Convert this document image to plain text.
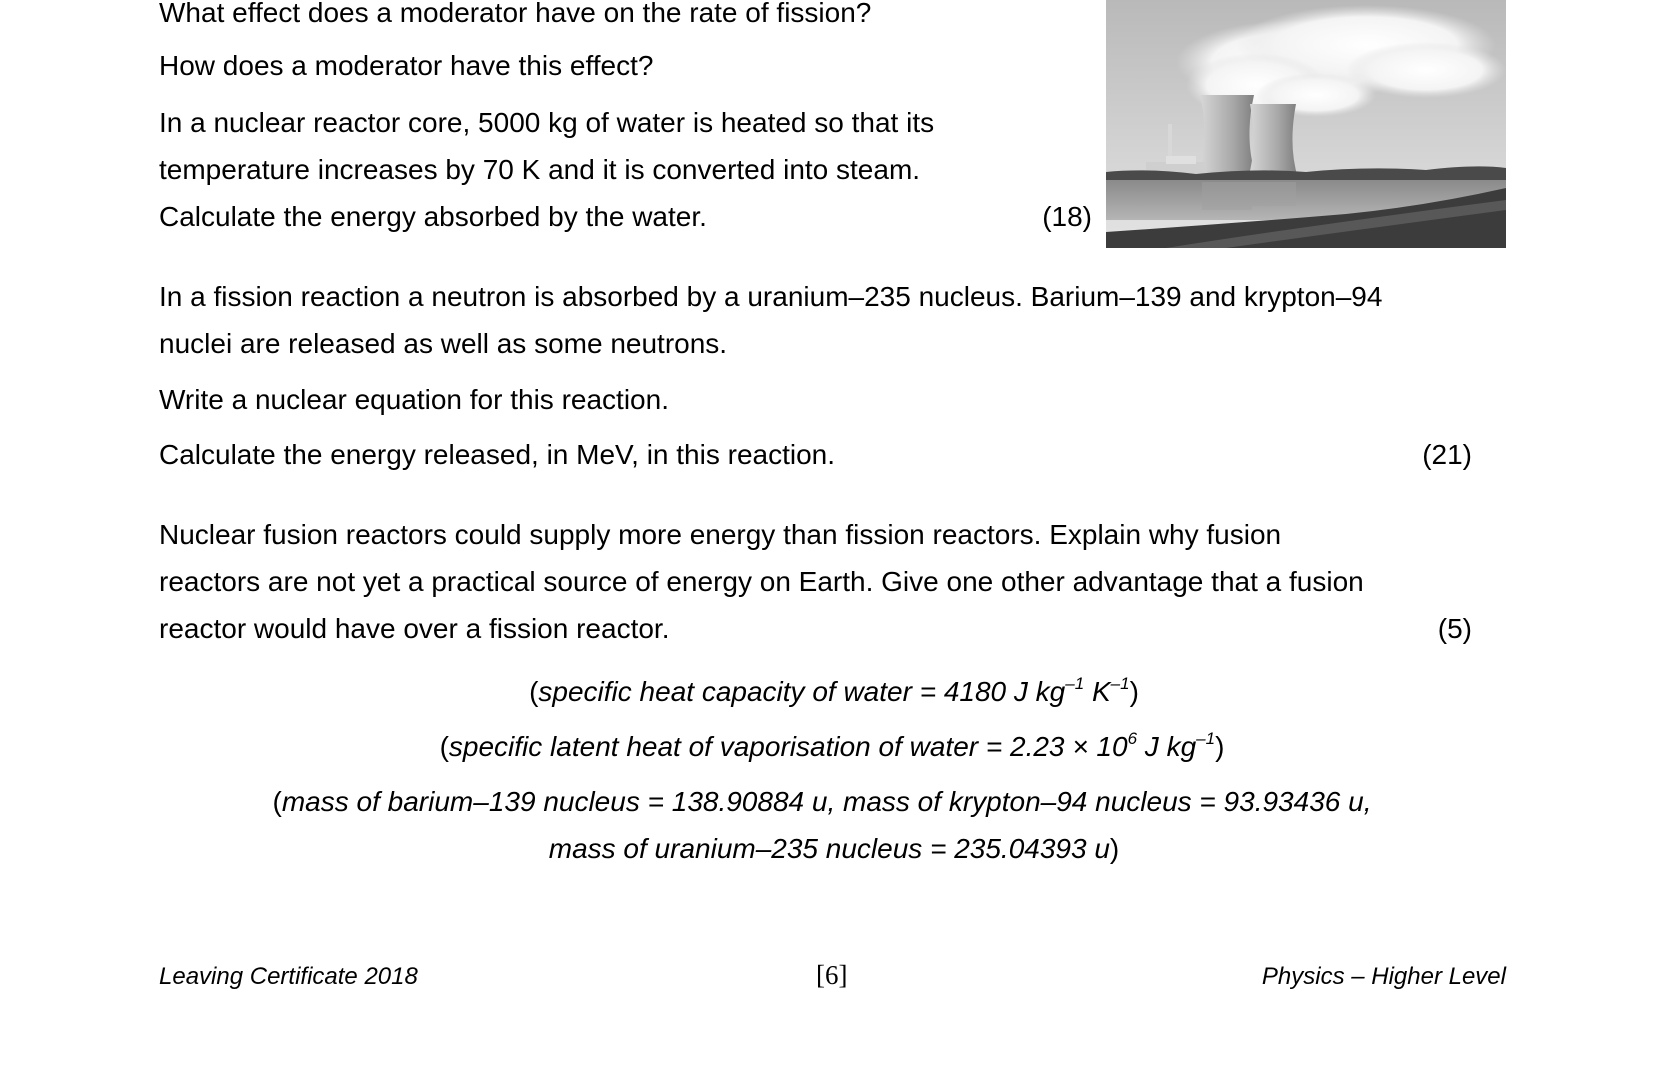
What effect does a moderator have on the rate of fission?
How does a moderator have this effect?
In a nuclear reactor core, 5000 kg of water is heated so that its
temperature increases by 70 K and it is converted into steam.
Calculate the energy absorbed by the water.	(18)
In a fission reaction a neutron is absorbed by a uranium–235 nucleus. Barium–139 and krypton–94
nuclei are released as well as some neutrons.
Write a nuclear equation for this reaction.
Calculate the energy released, in MeV, in this reaction.	(21)
Nuclear fusion reactors could supply more energy than fission reactors. Explain why fusion
reactors are not yet a practical source of energy on Earth. Give one other advantage that a fusion
reactor would have over a fission reactor.	(5)
(specific heat capacity of water = 4180 J $kg^{-1}$ $K^{-1}$)
(specific latent heat of vaporisation of water = $2.23 \times 10^6$ J $kg^{-1}$)
(mass of barium–139 nucleus = 138.90884 u, mass of krypton–94 nucleus = 93.93436 u,
mass of uranium–235 nucleus = 235.04393 u)
Leaving Certificate 2018	[6]	Physics – Higher Level
